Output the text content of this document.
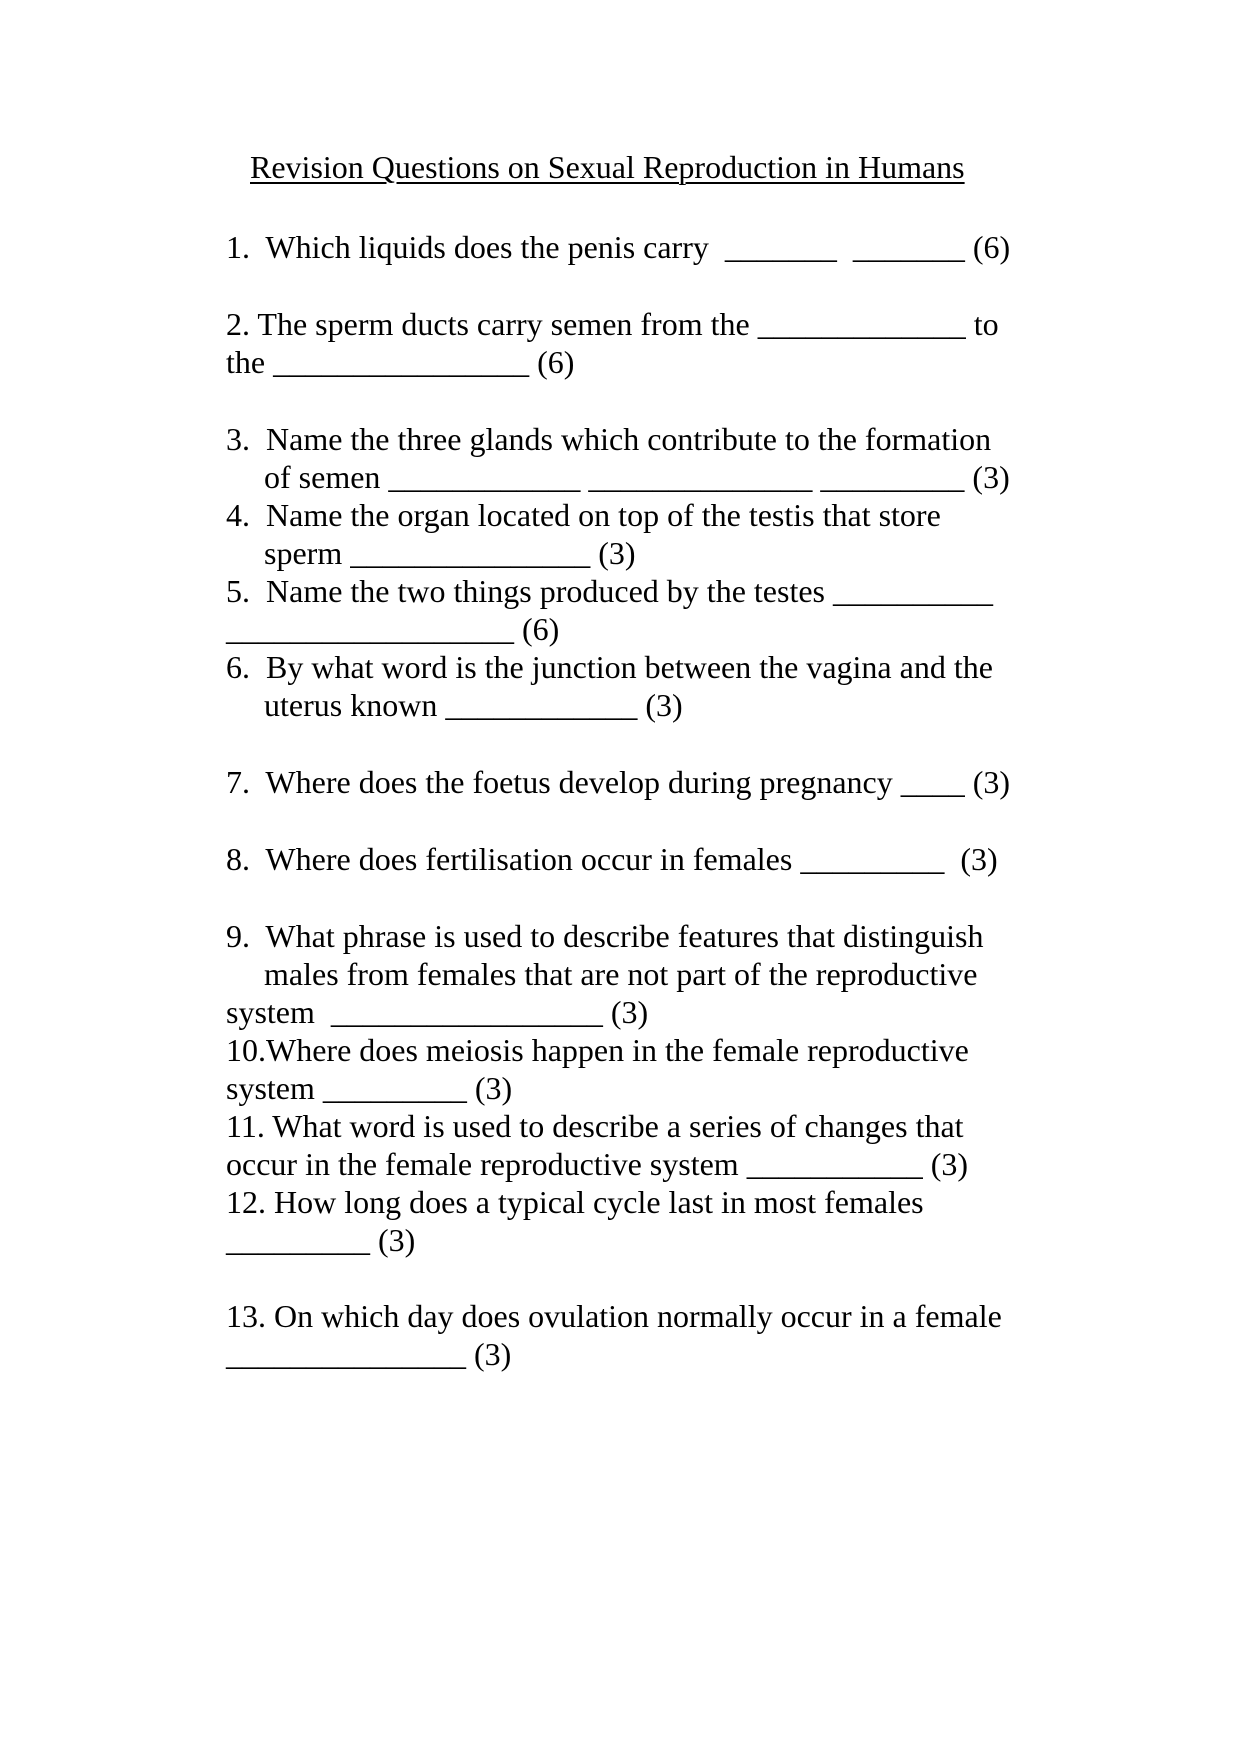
Revision Questions on Sexual Reproduction in Humans
1.  Which liquids does the penis carry  _______  _______ (6)
2. The sperm ducts carry semen from the _____________ to
the ________________ (6)
3.  Name the three glands which contribute to the formation
of semen ____________ ______________ _________ (3)
4.  Name the organ located on top of the testis that store
sperm _______________ (3)
5.  Name the two things produced by the testes __________
__________________ (6)
6.  By what word is the junction between the vagina and the
uterus known ____________ (3)
7.  Where does the foetus develop during pregnancy ____ (3)
8.  Where does fertilisation occur in females _________  (3)
9.  What phrase is used to describe features that distinguish
males from females that are not part of the reproductive
system  _________________ (3)
10.Where does meiosis happen in the female reproductive
system _________ (3)
11. What word is used to describe a series of changes that
occur in the female reproductive system ___________ (3)
12. How long does a typical cycle last in most females
_________ (3)
13. On which day does ovulation normally occur in a female
_______________ (3)
